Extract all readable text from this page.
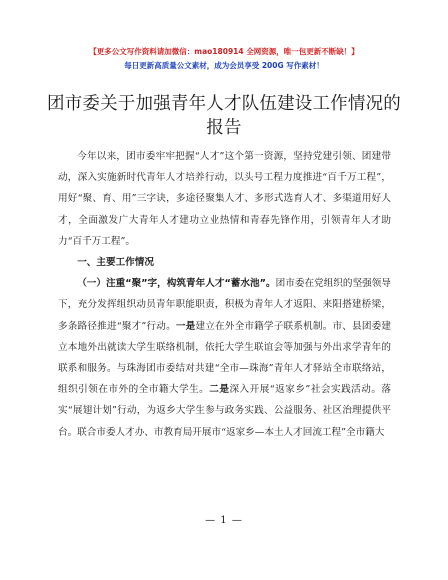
【更多公文写作资料请加微信：mao180914 全网资源，唯一包更新不断缺！】
每日更新高质量公文素材，成为会员享受 200G 写作素材！
团市委关于加强青年人才队伍建设工作情况的报告

今年以来，团市委牢牢把握“人才”这个第一资源，坚持党建引领、团建带动，深入实施新时代青年人才培养行动，以头号工程力度推进“百千万工程”，用好“聚、育、用”三字诀，多途径聚集人才、多形式选育人才、多渠道用好人才，全面激发广大青年人才建功立业热情和青春先锋作用，引领青年人才助力“百千万工程”。

一、主要工作情况

（一）注重“聚”字，构筑青年人才“蓄水池”。团市委在党组织的坚强领导下，充分发挥组织动员青年职能职责，积极为青年人才返阳、来阳搭建桥梁，多条路径推进“聚才”行动。一是建立在外全市籍学子联系机制。市、县团委建立本地外出就读大学生联络机制，依托大学生联谊会等加强与外出求学青年的联系和服务。与珠海团市委结对共建“全市—珠海”青年人才驿站全市联络站，组织引领在市外的全市籍大学生。二是深入开展“返家乡”社会实践活动。落实“展翅计划”行动，为返乡大学生参与政务实践、公益服务、社区治理提供平台。联合市委人才办、市教育局开展市“返家乡—本土人才回流工程”全市籍大

— 1 —
